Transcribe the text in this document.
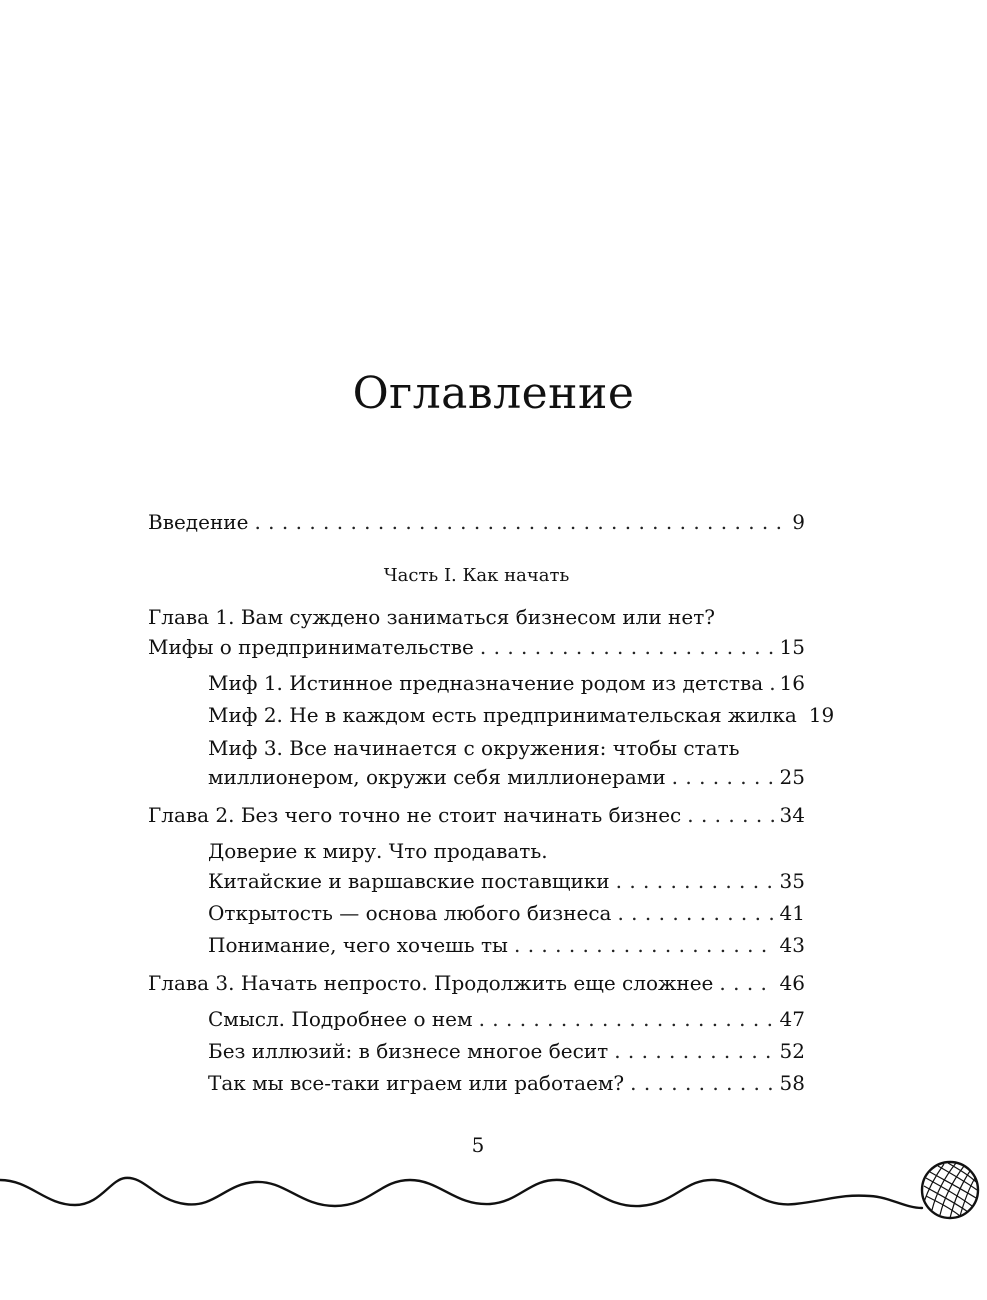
Оглавление
Введение . . .	9
Часть I. Как начать
Глава 1. Вам суждено заниматься бизнесом или нет?
Мифы о предпринимательстве . . .	15
Миф 1. Истинное предназначение родом из детства . . . 16
Миф 2. Не в каждом есть предпринимательская жилка 19
Миф 3. Все начинается с окружения: чтобы стать
миллионером, окружи себя миллионерами . . .	25
Глава 2. Без чего точно не стоит начинать бизнес . . .	34
Доверие к миру. Что продавать.
Китайские и варшавские поставщики . . .	35
Открытость — основа любого бизнеса . . .	41
Понимание, чего хочешь ты . . .	43
Глава 3. Начать непросто. Продолжить еще сложнее . . .	46
Смысл. Подробнее о нем . . .	47
Без иллюзий: в бизнесе многое бесит . . .	52
Так мы все-таки играем или работаем? . . .	58
5
